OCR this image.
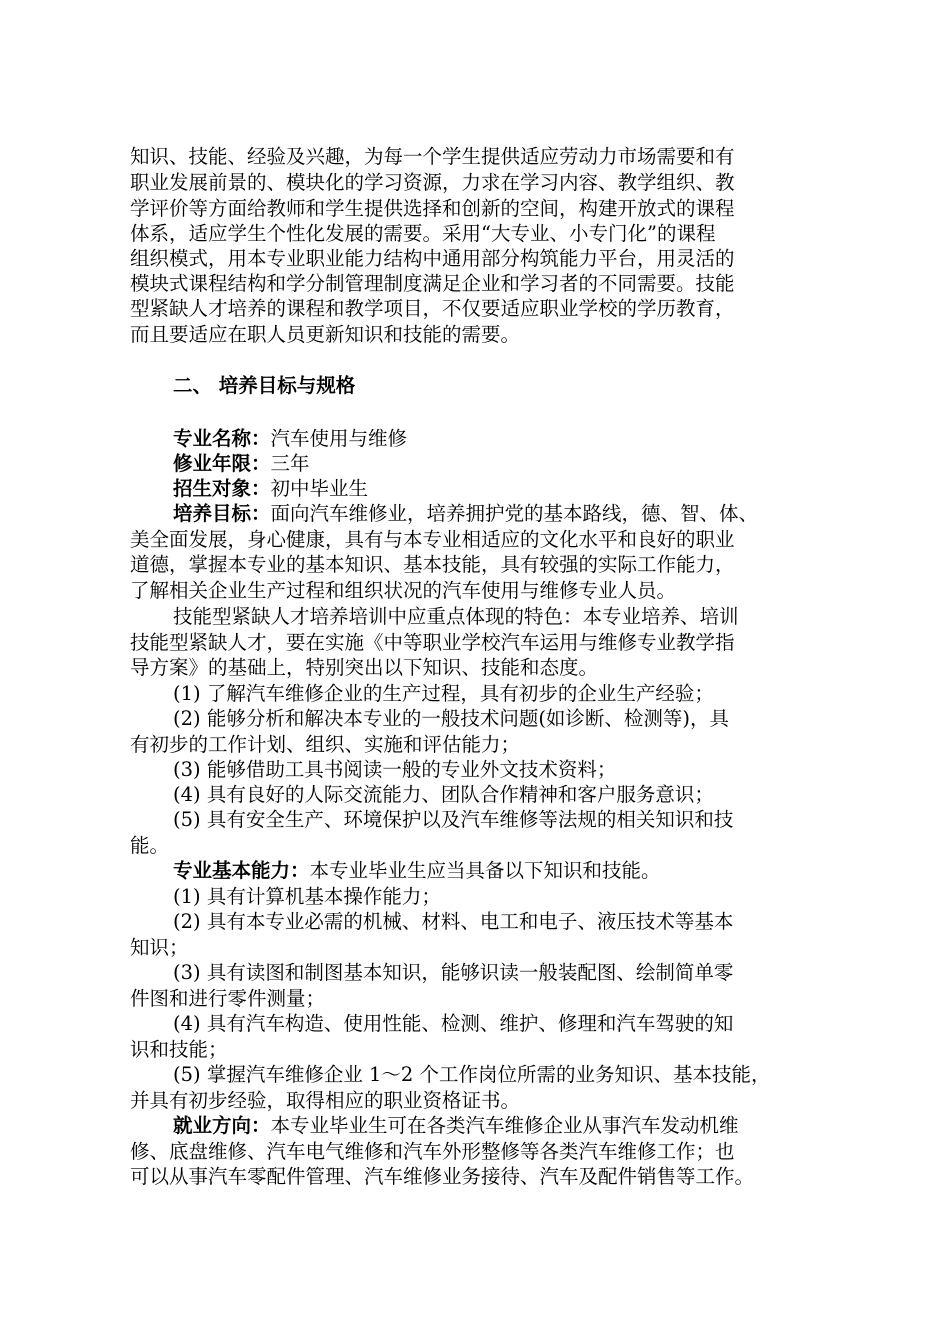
知识、技能、经验及兴趣，为每一个学生提供适应劳动力市场需要和有
职业发展前景的、模块化的学习资源，力求在学习内容、教学组织、教
学评价等方面给教师和学生提供选择和创新的空间，构建开放式的课程
体系，适应学生个性化发展的需要。采用“大专业、小专门化”的课程
组织模式，用本专业职业能力结构中通用部分构筑能力平台，用灵活的
模块式课程结构和学分制管理制度满足企业和学习者的不同需要。技能
型紧缺人才培养的课程和教学项目，不仅要适应职业学校的学历教育，
而且要适应在职人员更新知识和技能的需要。
二、 培养目标与规格
专业名称：汽车使用与维修
修业年限：三年
招生对象：初中毕业生
培养目标：面向汽车维修业，培养拥护党的基本路线，德、智、体、
美全面发展，身心健康，具有与本专业相适应的文化水平和良好的职业
道德，掌握本专业的基本知识、基本技能，具有较强的实际工作能力，
了解相关企业生产过程和组织状况的汽车使用与维修专业人员。
技能型紧缺人才培养培训中应重点体现的特色：本专业培养、培训
技能型紧缺人才，要在实施《中等职业学校汽车运用与维修专业教学指
导方案》的基础上，特别突出以下知识、技能和态度。
(1) 了解汽车维修企业的生产过程，具有初步的企业生产经验；
(2) 能够分析和解决本专业的一般技术问题(如诊断、检测等)，具
有初步的工作计划、组织、实施和评估能力；
(3) 能够借助工具书阅读一般的专业外文技术资料；
(4) 具有良好的人际交流能力、团队合作精神和客户服务意识；
(5) 具有安全生产、环境保护以及汽车维修等法规的相关知识和技
能。
专业基本能力：本专业毕业生应当具备以下知识和技能。
(1) 具有计算机基本操作能力；
(2) 具有本专业必需的机械、材料、电工和电子、液压技术等基本
知识；
(3) 具有读图和制图基本知识，能够识读一般装配图、绘制简单零
件图和进行零件测量；
(4) 具有汽车构造、使用性能、检测、维护、修理和汽车驾驶的知
识和技能；
(5) 掌握汽车维修企业 1～2 个工作岗位所需的业务知识、基本技能，
并具有初步经验，取得相应的职业资格证书。
就业方向：本专业毕业生可在各类汽车维修企业从事汽车发动机维
修、底盘维修、汽车电气维修和汽车外形整修等各类汽车维修工作；也
可以从事汽车零配件管理、汽车维修业务接待、汽车及配件销售等工作。
